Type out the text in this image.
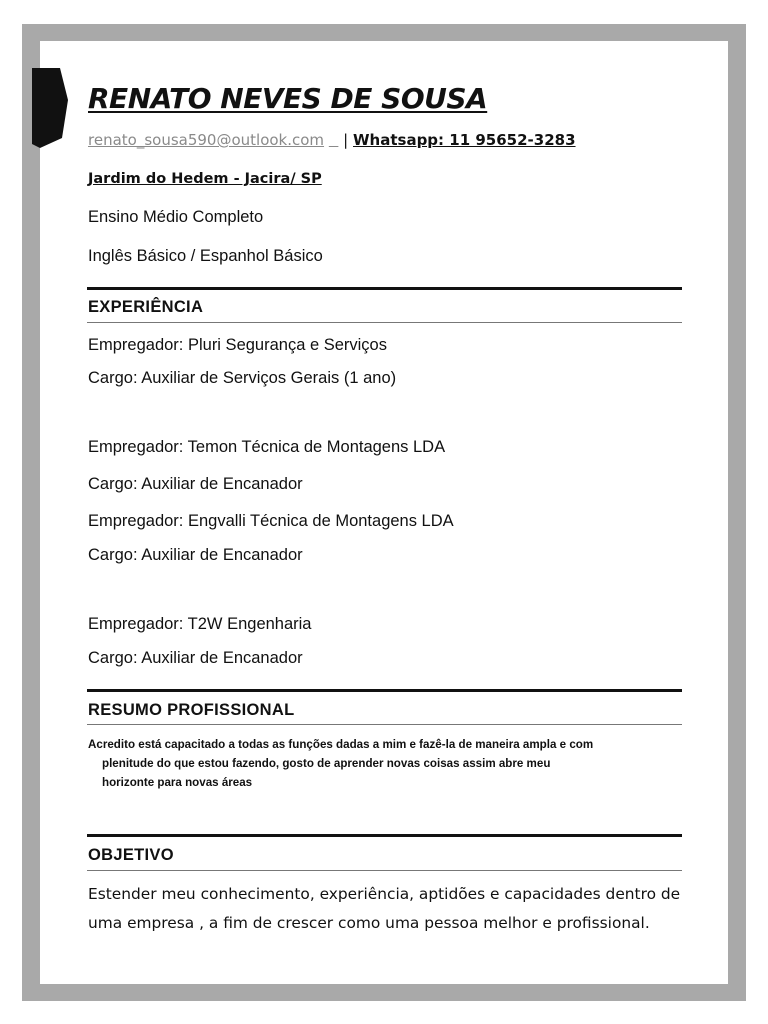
RENATO NEVES DE SOUSA
renato_sousa590@outlook.com | Whatsapp: 11 95652-3283
Jardim do Hedem - Jacira/ SP
Ensino Médio Completo
Inglês Básico / Espanhol Básico
EXPERIÊNCIA
Empregador: Pluri Segurança e Serviços
Cargo: Auxiliar de Serviços Gerais (1 ano)
Empregador: Temon Técnica de Montagens LDA
Cargo: Auxiliar de Encanador
Empregador: Engvalli Técnica de Montagens LDA
Cargo: Auxiliar de Encanador
Empregador: T2W Engenharia
Cargo: Auxiliar de Encanador
RESUMO PROFISSIONAL
Acredito está capacitado a todas as funções dadas a mim e fazê-la de maneira ampla e com
plenitude do que estou fazendo, gosto de aprender novas coisas assim abre meu
horizonte para novas áreas
OBJETIVO
Estender meu conhecimento, experiência, aptidões e capacidades dentro de
uma empresa , a fim de crescer como uma pessoa melhor e profissional.
